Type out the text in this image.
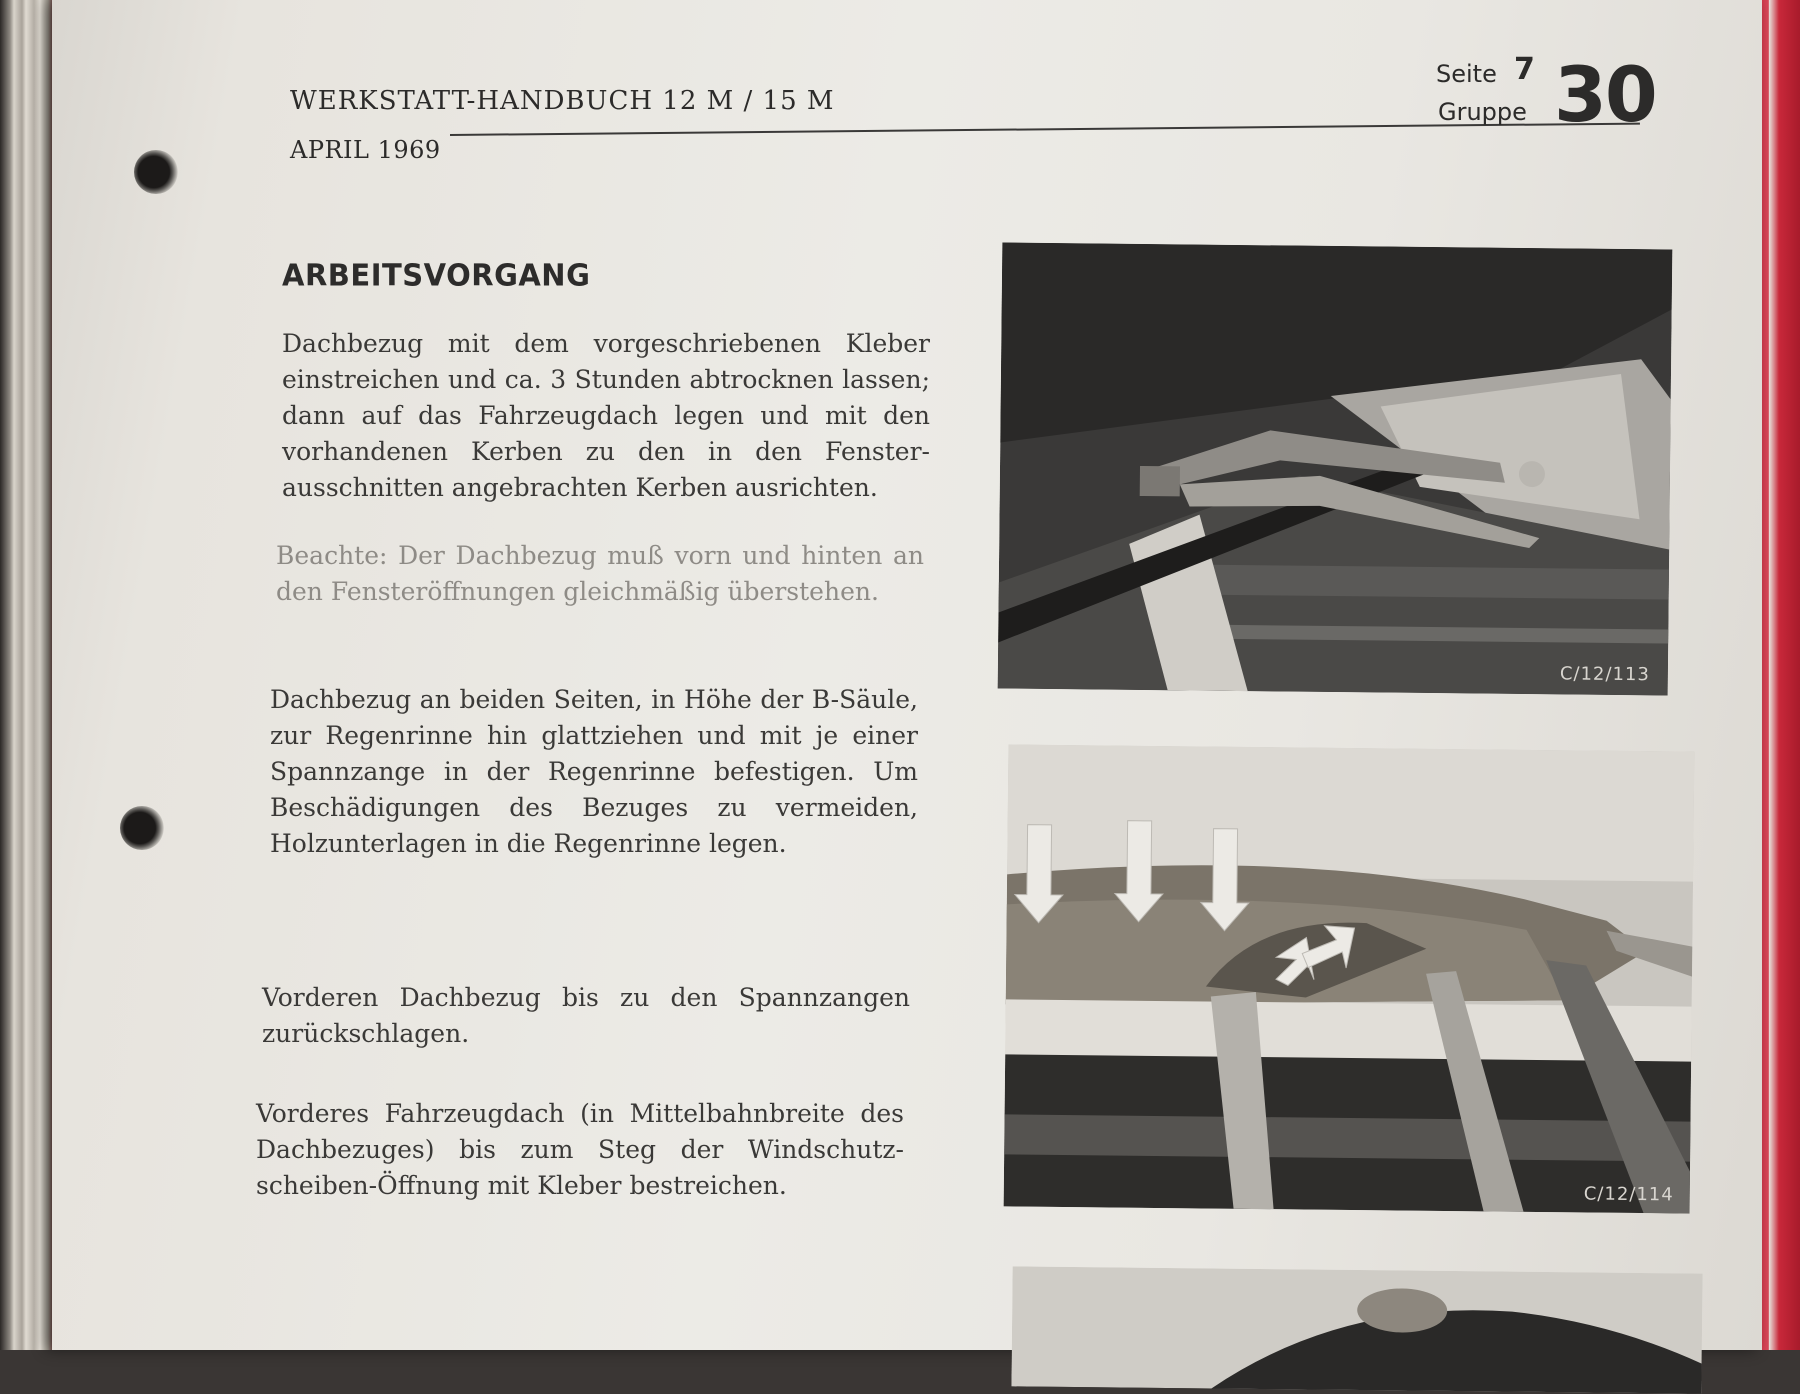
WERKSTATT-HANDBUCH 12 M / 15 M
APRIL 1969
Seite 7
Gruppe 30
ARBEITSVORGANG

Dachbezug mit dem vorgeschriebenen Kleber einstreichen und ca. 3 Stunden abtrocknen lassen; dann auf das Fahrzeugdach legen und mit den vorhandenen Kerben zu den in den Fensterausschnitten angebrachten Kerben ausrichten.

Beachte: Der Dachbezug muß vorn und hinten an den Fensteröffnungen gleichmäßig überstehen.

Dachbezug an beiden Seiten, in Höhe der B-Säule, zur Regenrinne hin glattziehen und mit je einer Spannzange in der Regenrinne befestigen. Um Beschädigungen des Bezuges zu vermeiden, Holzunterlagen in die Regenrinne legen.

Vorderen Dachbezug bis zu den Spannzangen zurückschlagen.

Vorderes Fahrzeugdach (in Mittelbahnbreite des Dachbezuges) bis zum Steg der Windschutzscheiben-Öffnung mit Kleber bestreichen.

C/12/113
C/12/114
